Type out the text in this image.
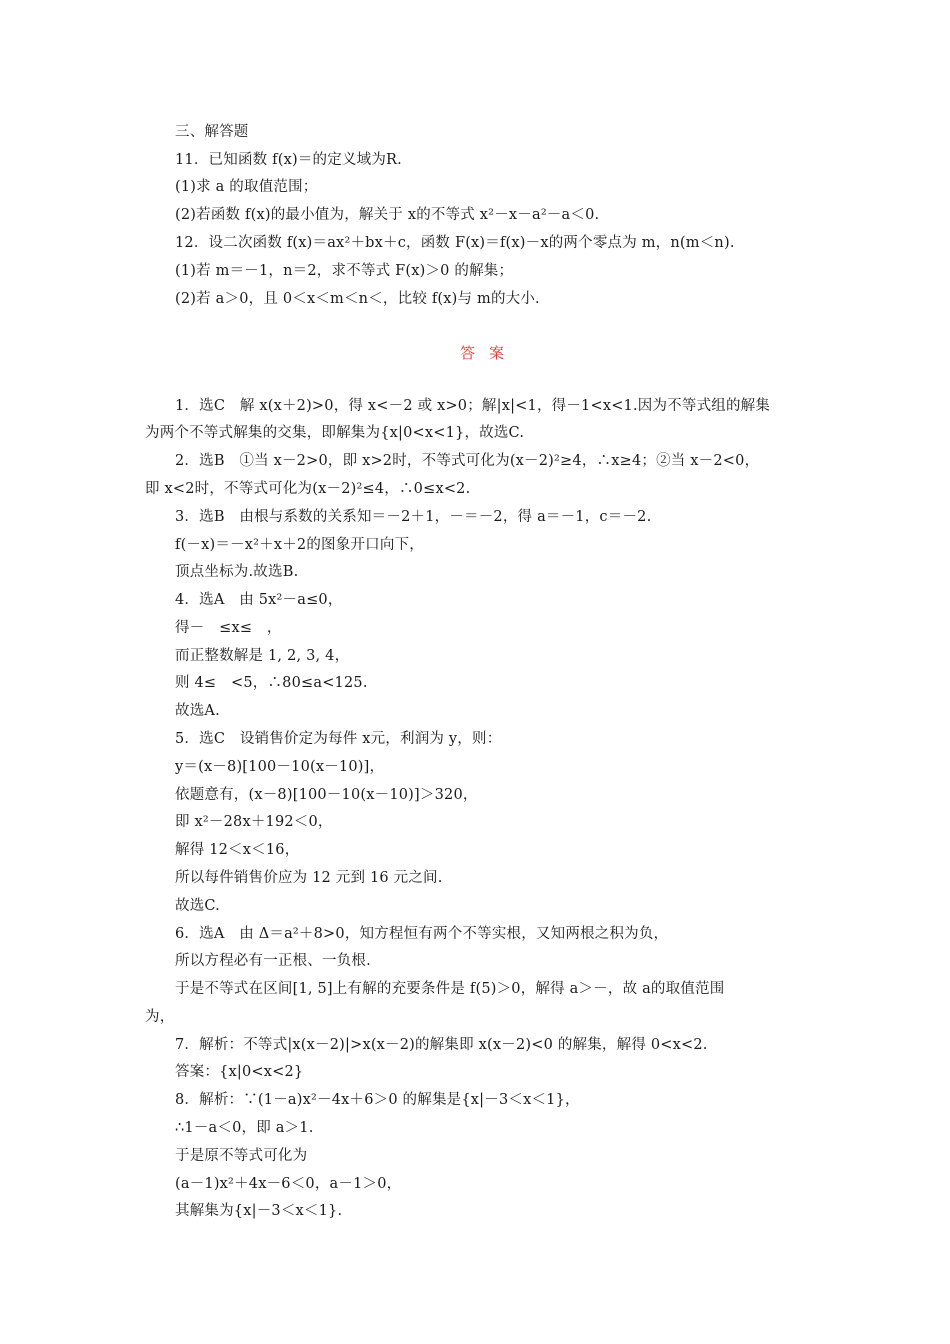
三、解答题
11．已知函数 f(x)＝的定义域为R.
(1)求 a 的取值范围；
(2)若函数 f(x)的最小值为，解关于 x的不等式 x²－x－a²－a＜0.
12．设二次函数 f(x)＝ax²＋bx＋c，函数 F(x)＝f(x)－x的两个零点为 m，n(m＜n).
(1)若 m＝－1，n＝2，求不等式 F(x)＞0 的解集；
(2)若 a＞0，且 0＜x＜m＜n＜，比较 f(x)与 m的大小.
答案
1．选C　解 x(x＋2)>0，得 x<－2 或 x>0；解|x|<1，得－1<x<1.因为不等式组的解集
为两个不等式解集的交集，即解集为{x|0<x<1}，故选C.
2．选B　①当 x－2>0，即 x>2时，不等式可化为(x－2)²≥4，∴x≥4；②当 x－2<0，
即 x<2时，不等式可化为(x－2)²≤4，∴0≤x<2.
3．选B　由根与系数的关系知＝－2＋1，－＝－2，得 a＝－1，c＝－2.
f(－x)＝－x²＋x＋2的图象开口向下，
顶点坐标为.故选B.
4．选A　由 5x²－a≤0，
得－　≤x≤　，
而正整数解是 1, 2, 3, 4，
则 4≤　<5，∴80≤a<125.
故选A.
5．选C　设销售价定为每件 x元，利润为 y，则：
y＝(x－8)[100－10(x－10)]，
依题意有，(x－8)[100－10(x－10)]＞320，
即 x²－28x＋192＜0，
解得 12＜x＜16，
所以每件销售价应为 12 元到 16 元之间.
故选C.
6．选A　由 Δ＝a²＋8>0，知方程恒有两个不等实根，又知两根之积为负，
所以方程必有一正根、一负根.
于是不等式在区间[1, 5]上有解的充要条件是 f(5)＞0，解得 a＞－，故 a的取值范围
为，
7．解析：不等式|x(x－2)|>x(x－2)的解集即 x(x－2)<0 的解集，解得 0<x<2.
答案：{x|0<x<2}
8．解析：∵(1－a)x²－4x＋6＞0 的解集是{x|－3＜x＜1}，
∴1－a＜0，即 a＞1.
于是原不等式可化为
(a－1)x²＋4x－6＜0，a－1＞0，
其解集为{x|－3＜x＜1}.
